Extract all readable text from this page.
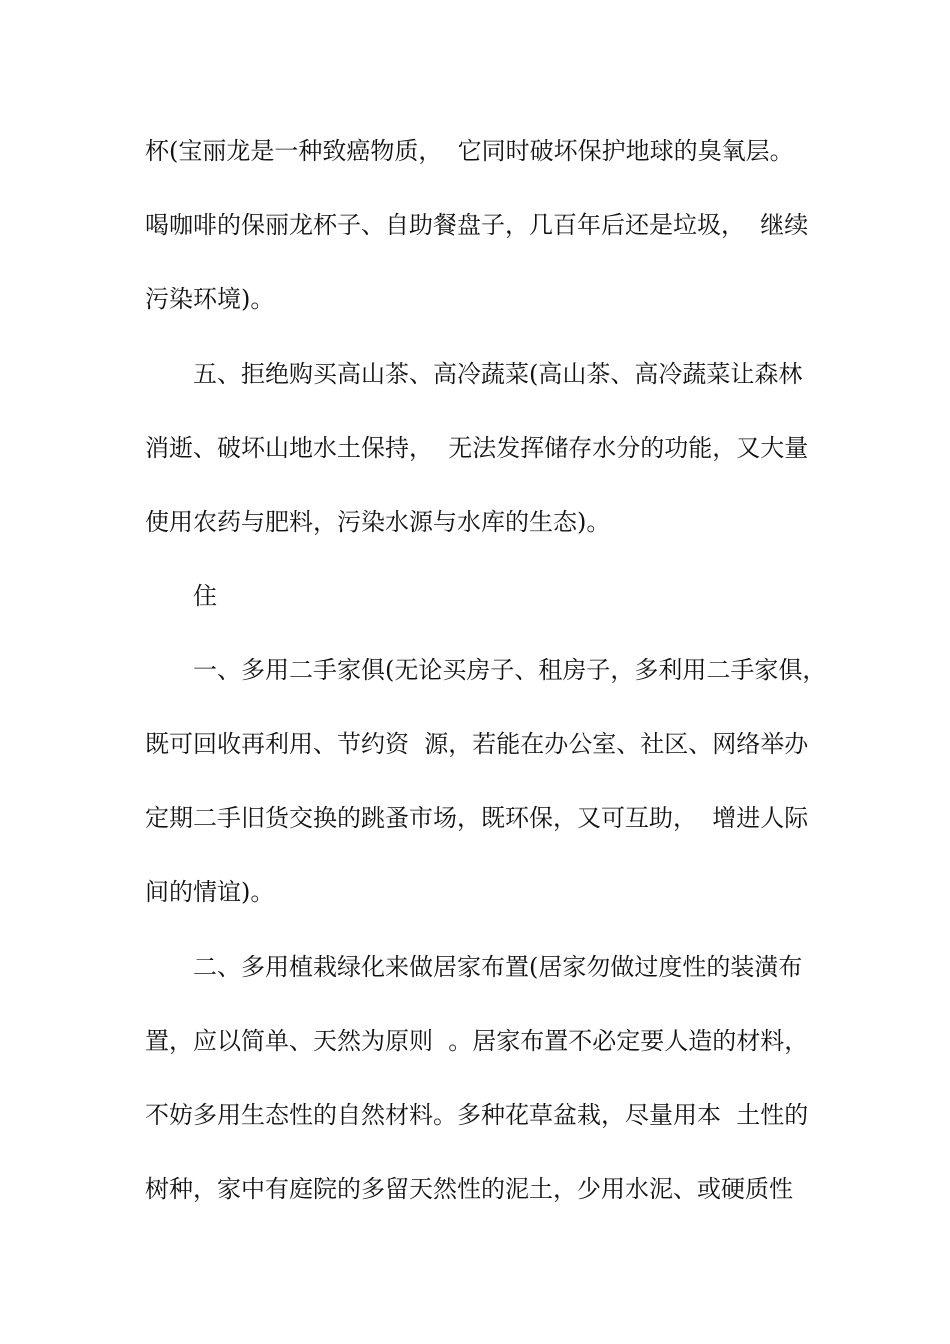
杯(宝丽龙是一种致癌物质，  它同时破坏保护地球的臭氧层。

喝咖啡的保丽龙杯子、自助餐盘子，几百年后还是垃圾，  继续

污染环境)。

五、拒绝购买高山茶、高冷蔬菜(高山茶、高冷蔬菜让森林

消逝、破坏山地水土保持，  无法发挥储存水分的功能，又大量

使用农药与肥料，污染水源与水库的生态)。

住

一、多用二手家俱(无论买房子、租房子，多利用二手家俱，

既可回收再利用、节约资  源，若能在办公室、社区、网络举办

定期二手旧货交换的跳蚤市场，既环保，又可互助，  增进人际

间的情谊)。

二、多用植栽绿化来做居家布置(居家勿做过度性的装潢布

置，应以简单、天然为原则  。居家布置不必定要人造的材料，

不妨多用生态性的自然材料。多种花草盆栽，尽量用本  土性的

树种，家中有庭院的多留天然性的泥土，少用水泥、或硬质性
